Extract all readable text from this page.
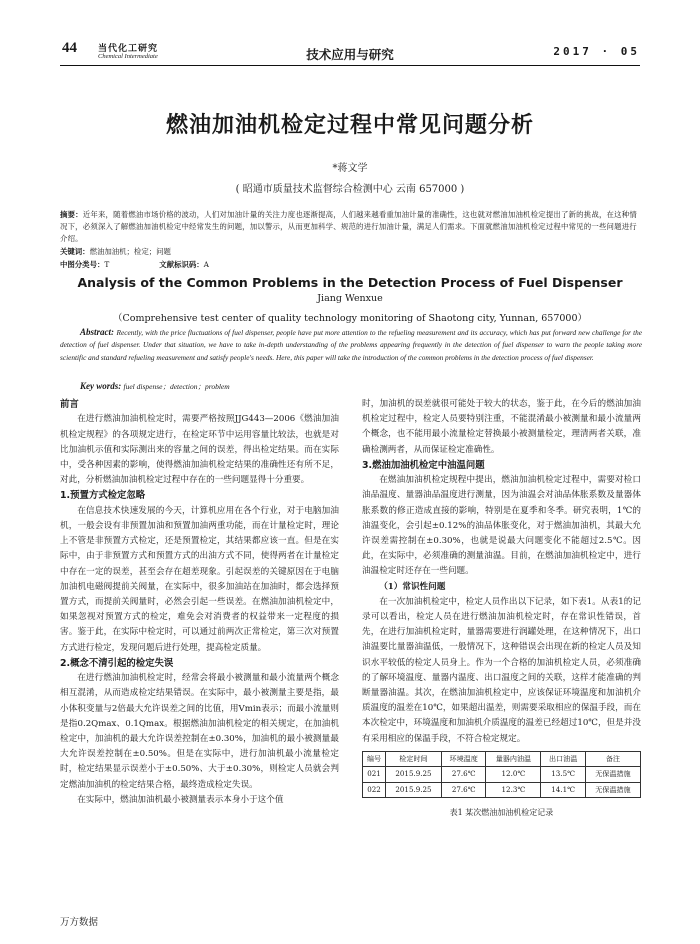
44 当代化工研究
Chemical Intermediate	技术应用与研究	2017 · 05
燃油加油机检定过程中常见问题分析
*蒋文学
( 昭通市质量技术监督综合检测中心 云南 657000 )
摘要：近年来，随着燃油市场价格的波动，人们对加油计量的关注力度也逐渐提高，人们越来越看重加油计量的准确性，这也就对燃油加油机检定提出了新的挑战，在这种情况下，必须深入了解燃油加油机检定中经常发生的问题，加以警示，从而更加科学、规范的进行加油计量，满足人们需求。下面就燃油加油机检定过程中常见的一些问题进行介绍。
关键词：燃油加油机；检定；问题
中图分类号：T	文献标识码：A
Analysis of the Common Problems in the Detection Process of Fuel Dispenser
Jiang Wenxue
（Comprehensive test center of quality technology monitoring of Shaotong city, Yunnan, 657000）
Abstract: Recently, with the price fluctuations of fuel dispenser, people have put more attention to the refueling measurement and its accuracy, which has put forward new challenge for the detection of fuel dispenser. Under that situation, we have to take in-depth understanding of the problems appearing frequently in the detection of fuel dispenser to warn the people taking more scientific and standard refueling measurement and satisfy people's needs. Here, this paper will take the introduction of the common problems in the detection process of fuel dispenser.
Key words: fuel dispense；detection；problem
前言

在进行燃油加油机检定时，需要严格按照JJG443—2006《燃油加油机检定规程》的各项规定进行，在检定环节中运用容量比较法，也就是对比加油机示值和实际测出来的容量之间的误差，得出检定结果。而在实际中，受各种因素的影响，使得燃油加油机检定结果的准确性还有所不足，对此，分析燃油加油机检定过程中存在的一些问题显得十分重要。

1.预置方式检定忽略

在信息技术快速发展的今天，计算机应用在各个行业，对于电脑加油机，一般会设有非预置加油和预置加油两重功能，而在计量检定时，理论上不管是非预置方式检定，还是预置检定，其结果都应该一直。但是在实际中，由于非预置方式和预置方式的出油方式不同，使得两者在计量检定中存在一定的误差，甚至会存在超差现象。引起误差的关键原因在于电脑加油机电磁阀提前关阀量，在实际中，很多加油站在加油时，都会选择预置方式，而提前关阀量时，必然会引起一些误差。在燃油加油机检定中，如果忽视对预置方式的检定，难免会对消费者的权益带来一定程度的损害。鉴于此，在实际中检定时，可以通过前两次正常检定，第三次对预置方式进行检定，发现问题后进行处理，提高检定质量。

2.概念不清引起的检定失误

在进行燃油加油机检定时，经常会将最小被测量和最小流量两个概念相互混淆，从而造成检定结果错误。在实际中，最小被测量主要是指，最小体积变量与2倍最大允许误差之间的比值，用Vmin表示；而最小流量则是指0.2Qmax、0.1Qmax。根据燃油加油机检定的相关规定，在加油机检定中，加油机的最大允许误差控制在±0.30%，加油机的最小被测量最大允许误差控制在±0.50%。但是在实际中，进行加油机最小流量检定时，检定结果显示误差小于±0.50%、大于±0.30%，则检定人员就会判定燃油加油机的检定结果合格，最终造成检定失误。

在实际中，燃油加油机最小被测量表示本身小于这个值

时，加油机的误差就很可能处于较大的状态，鉴于此，在今后的燃油加油机检定过程中，检定人员要特别注重，不能混淆最小被测量和最小流量两个概念，也不能用最小流量检定替换最小被测量检定，理清两者关联，准确检测两者，从而保证检定准确性。

3.燃油加油机检定中油温问题

在燃油加油机检定规程中提出，燃油加油机检定过程中，需要对检口油品温度、量器油品温度进行测量，因为油温会对油品体胀系数及量器体胀系数的修正造成直接的影响，特别是在夏季和冬季。研究表明，1℃的油温变化，会引起±0.12%的油品体胀变化，对于燃油加油机，其最大允许误差需控制在±0.30%，也就是说最大问题变化不能超过2.5℃。因此，在实际中，必须准确的测量油温。目前，在燃油加油机检定中，进行油温检定时还存在一些问题。

（1）常识性问题

在一次加油机检定中，检定人员作出以下记录，如下表1。从表1的记录可以看出，检定人员在进行燃油加油机检定时，存在常识性错误，首先，在进行加油机检定时，量器需要进行润罐处理，在这种情况下，出口油温要比量器油温低，一般情况下，这种错误会出现在新的检定人员及知识水平较低的检定人员身上。作为一个合格的加油机检定人员，必须准确的了解环境温度、量器内温度、出口温度之间的关联，这样才能准确的判断量器油温。其次，在燃油加油机检定中，应该保证环境温度和加油机介质温度的温差在10℃，如果超出温差，则需要采取相应的保温手段，而在本次检定中，环境温度和加油机介质温度的温差已经超过10℃，但是并没有采用相应的保温手段，不符合检定规定。

编号	检定时间	环境温度	量器内油温	出口油温	备注
021	2015.9.25	27.6℃	12.0℃	13.5℃	无保温措施
022	2015.9.25	27.6℃	12.3℃	14.1℃	无保温措施
表1 某次燃油加油机检定记录
万方数据
